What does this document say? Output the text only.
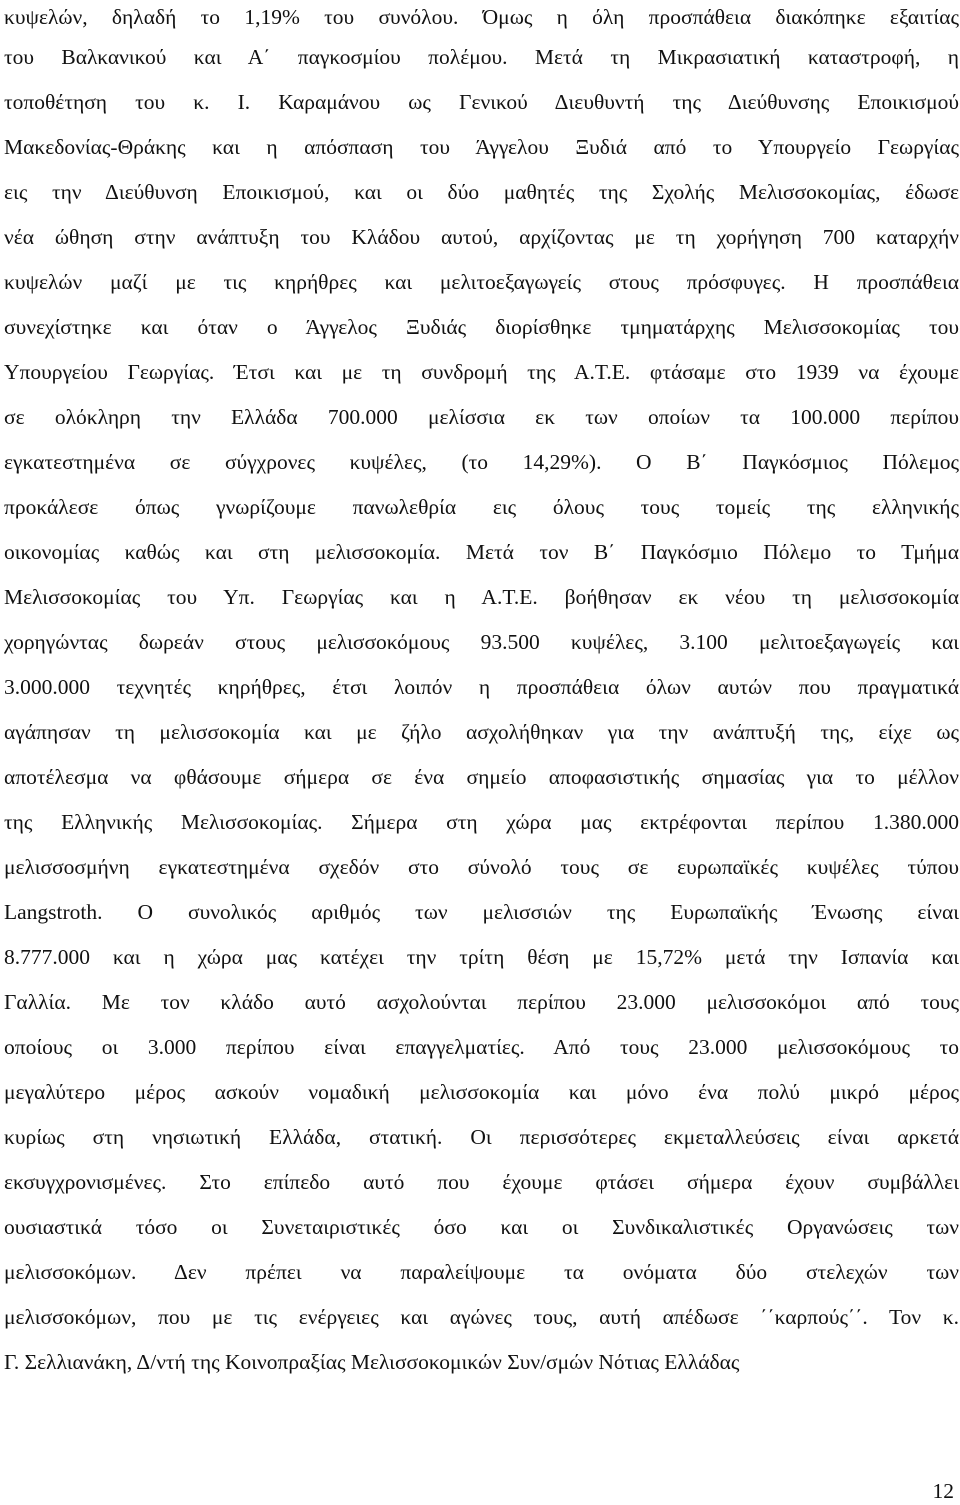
κυψελών, δηλαδή το 1,19% του συνόλου. Όμως η όλη προσπάθεια διακόπηκε εξαιτίας
του Βαλκανικού και Α΄ παγκοσμίου πολέμου. Μετά τη Μικρασιατική καταστροφή, η
τοποθέτηση του κ. Ι. Καραμάνου ως Γενικού Διευθυντή της Διεύθυνσης Εποικισμού
Μακεδονίας-Θράκης και η απόσπαση του Άγγελου Ξυδιά από το Υπουργείο Γεωργίας
εις την Διεύθυνση Εποικισμού, και οι δύο μαθητές της Σχολής Μελισσοκομίας, έδωσε
νέα ώθηση στην ανάπτυξη του Κλάδου αυτού, αρχίζοντας με τη χορήγηση 700 καταρχήν
κυψελών μαζί με τις κηρήθρες και μελιτοεξαγωγείς στους πρόσφυγες. Η προσπάθεια
συνεχίστηκε και όταν ο Άγγελος Ξυδιάς διορίσθηκε τμηματάρχης Μελισσοκομίας του
Υπουργείου Γεωργίας. Έτσι και με τη συνδρομή της Α.Τ.Ε. φτάσαμε στο 1939 να έχουμε
σε ολόκληρη την Ελλάδα 700.000 μελίσσια εκ των οποίων τα 100.000 περίπου
εγκατεστημένα σε σύγχρονες κυψέλες, (το 14,29%). Ο Β΄ Παγκόσμιος Πόλεμος
προκάλεσε όπως γνωρίζουμε πανωλεθρία εις όλους τους τομείς της ελληνικής
οικονομίας καθώς και στη μελισσοκομία. Μετά τον Β΄ Παγκόσμιο Πόλεμο το Τμήμα
Μελισσοκομίας του Υπ. Γεωργίας και η Α.Τ.Ε. βοήθησαν εκ νέου τη μελισσοκομία
χορηγώντας δωρεάν στους μελισσοκόμους 93.500 κυψέλες, 3.100 μελιτοεξαγωγείς και
3.000.000 τεχνητές κηρήθρες, έτσι λοιπόν η προσπάθεια όλων αυτών που πραγματικά
αγάπησαν τη μελισσοκομία και με ζήλο ασχολήθηκαν για την ανάπτυξή της, είχε ως
αποτέλεσμα να φθάσουμε σήμερα σε ένα σημείο αποφασιστικής σημασίας για το μέλλον
της Ελληνικής Μελισσοκομίας. Σήμερα στη χώρα μας εκτρέφονται περίπου 1.380.000
μελισσοσμήνη εγκατεστημένα σχεδόν στο σύνολό τους σε ευρωπαϊκές κυψέλες τύπου
Langstroth. Ο συνολικός αριθμός των μελισσιών της Ευρωπαϊκής Ένωσης είναι
8.777.000 και η χώρα μας κατέχει την τρίτη θέση με 15,72% μετά την Ισπανία και
Γαλλία. Με τον κλάδο αυτό ασχολούνται περίπου 23.000 μελισσοκόμοι από τους
οποίους οι 3.000 περίπου είναι επαγγελματίες. Από τους 23.000 μελισσοκόμους το
μεγαλύτερο μέρος ασκούν νομαδική μελισσοκομία και μόνο ένα πολύ μικρό μέρος
κυρίως στη νησιωτική Ελλάδα, στατική. Οι περισσότερες εκμεταλλεύσεις είναι αρκετά
εκσυγχρονισμένες. Στο επίπεδο αυτό που έχουμε φτάσει σήμερα έχουν συμβάλλει
ουσιαστικά τόσο οι Συνεταιριστικές όσο και οι Συνδικαλιστικές Οργανώσεις των
μελισσοκόμων. Δεν πρέπει να παραλείψουμε τα ονόματα δύο στελεχών των
μελισσοκόμων, που με τις ενέργειες και αγώνες τους, αυτή απέδωσε ΄΄καρπούς΄΄. Τον κ.
Γ. Σελλιανάκη, Δ/ντή της Κοινοπραξίας Μελισσοκομικών Συν/σμών Νότιας Ελλάδας
12
